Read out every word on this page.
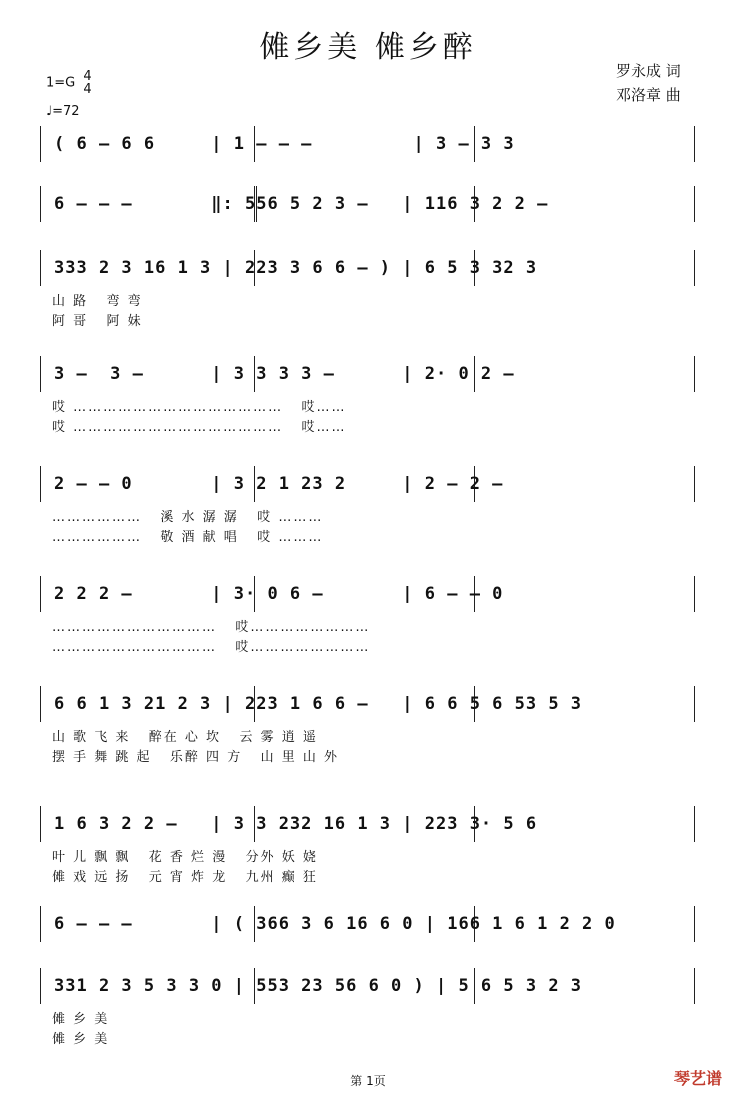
傩乡美 傩乡醉
1=G 4
4
♩=72
罗永成 词
邓洛章 曲
( 6 – 6 6     | 1 – – –         | 3 – 3 3
6 – – –       ‖: 556 5 2 3 –   | 116 3 2 2 –
333 2 3 16 1 3 | 223 3 6 6 – ) | 6 5 3 32 3
山 路   弯 弯
阿 哥   阿 妹
3 –  3 –      | 3 3 3 3 –      | 2· 0 2 –
哎 ……………………………………   哎……
哎 ……………………………………   哎……
2 – – 0       | 3 2 1 23 2     | 2 – 2 –
………………   溪 水 潺 潺   哎 ………
………………   敬 酒 献 唱   哎 ………
2 2 2 –       | 3· 0 6 –       | 6 – – 0
……………………………   哎……………………
……………………………   哎……………………
6 6 1 3 21 2 3 | 223 1 6 6 –   | 6 6 5 6 53 5 3
山 歌 飞 来   醉在 心 坎   云 雾 逍 遥
摆 手 舞 跳 起   乐醉 四 方   山 里 山 外
1 6 3 2 2 –   | 3 3 232 16 1 3 | 223 3· 5 6
叶 儿 飘 飘   花 香 烂 漫   分外 妖 娆
傩 戏 远 扬   元 宵 炸 龙   九州 癫 狂
6 – – –       | ( 366 3 6 16 6 0 | 166 1 6 1 2 2 0
331 2 3 5 3 3 0 | 553 23 56 6 0 ) | 5 6 5 3 2 3
傩 乡 美
傩 乡 美
第 1页	琴艺谱
